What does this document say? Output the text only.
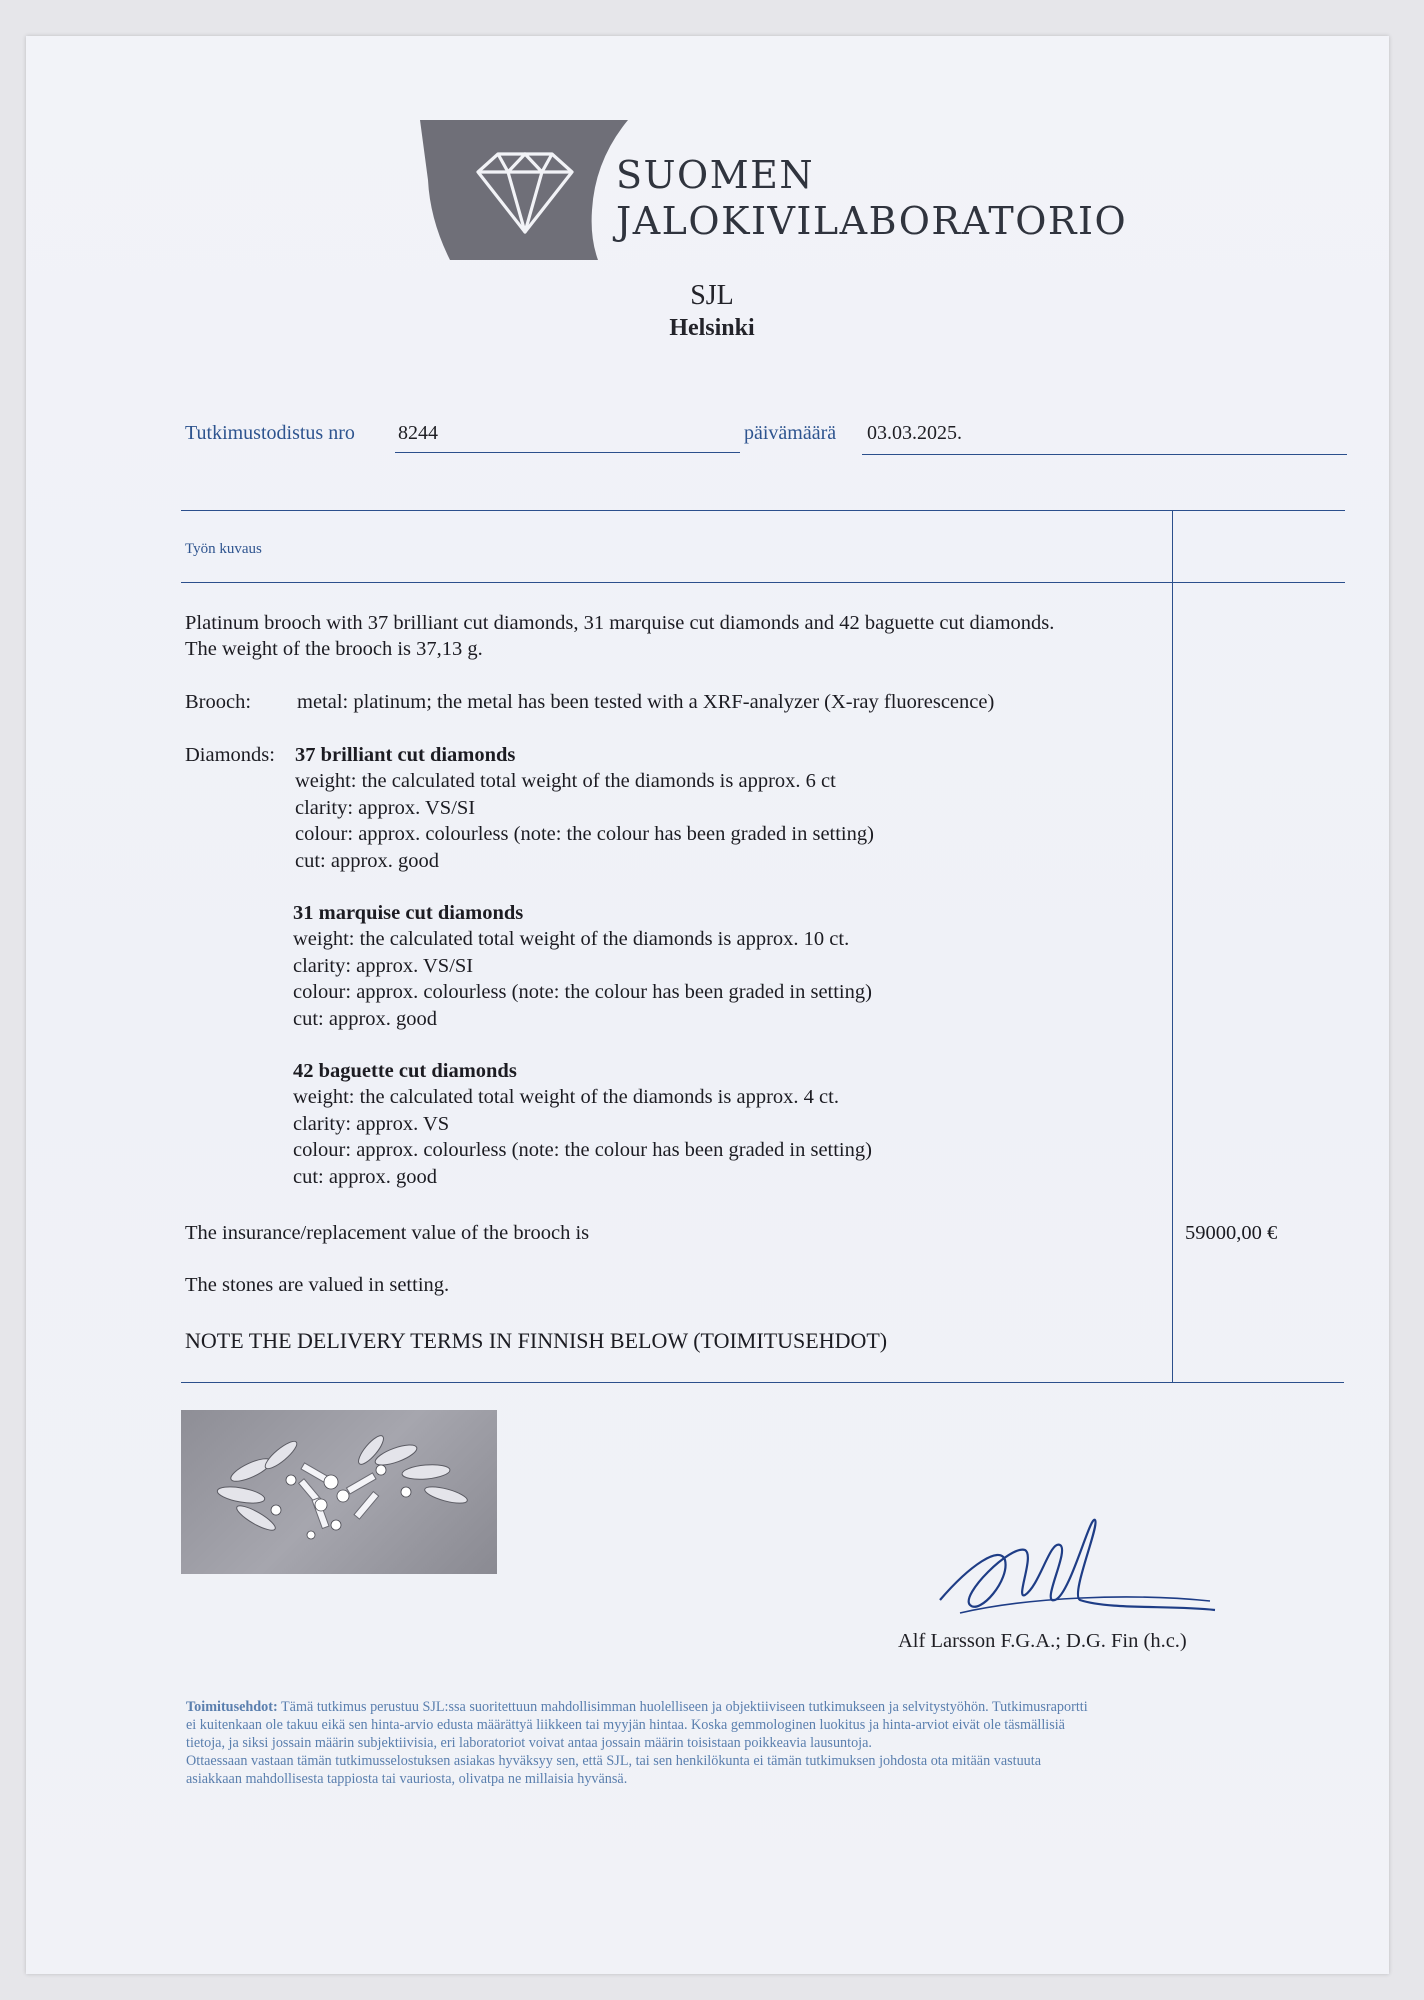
SUOMEN
JALOKIVILABORATORIO
SJL
Helsinki
Tutkimustodistus nro 8244	päivämäärä 03.03.2025.
Työn kuvaus
Platinum brooch with 37 brilliant cut diamonds, 31 marquise cut diamonds and 42 baguette cut diamonds.
The weight of the brooch is 37,13 g.
Brooch: metal: platinum; the metal has been tested with a XRF-analyzer (X-ray fluorescence)
Diamonds: 37 brilliant cut diamonds
weight: the calculated total weight of the diamonds is approx. 6 ct
clarity: approx. VS/SI
colour: approx. colourless (note: the colour has been graded in setting)
cut: approx. good
31 marquise cut diamonds
weight: the calculated total weight of the diamonds is approx. 10 ct.
clarity: approx. VS/SI
colour: approx. colourless (note: the colour has been graded in setting)
cut: approx. good
42 baguette cut diamonds
weight: the calculated total weight of the diamonds is approx. 4 ct.
clarity: approx. VS
colour: approx. colourless (note: the colour has been graded in setting)
cut: approx. good
The insurance/replacement value of the brooch is	59000,00 €
The stones are valued in setting.
NOTE THE DELIVERY TERMS IN FINNISH BELOW (TOIMITUSEHDOT)
Alf Larsson F.G.A.; D.G. Fin (h.c.)
Toimitusehdot: Tämä tutkimus perustuu SJL:ssa suoritettuun mahdollisimman huolelliseen ja objektiiviseen tutkimukseen ja selvitystyöhön. Tutkimusraportti
ei kuitenkaan ole takuu eikä sen hinta-arvio edusta määrättyä liikkeen tai myyjän hintaa. Koska gemmologinen luokitus ja hinta-arviot eivät ole täsmällisiä
tietoja, ja siksi jossain määrin subjektiivisia, eri laboratoriot voivat antaa jossain määrin toisistaan poikkeavia lausuntoja.
Ottaessaan vastaan tämän tutkimusselostuksen asiakas hyväksyy sen, että SJL, tai sen henkilökunta ei tämän tutkimuksen johdosta ota mitään vastuuta
asiakkaan mahdollisesta tappiosta tai vauriosta, olivatpa ne millaisia hyvänsä.
